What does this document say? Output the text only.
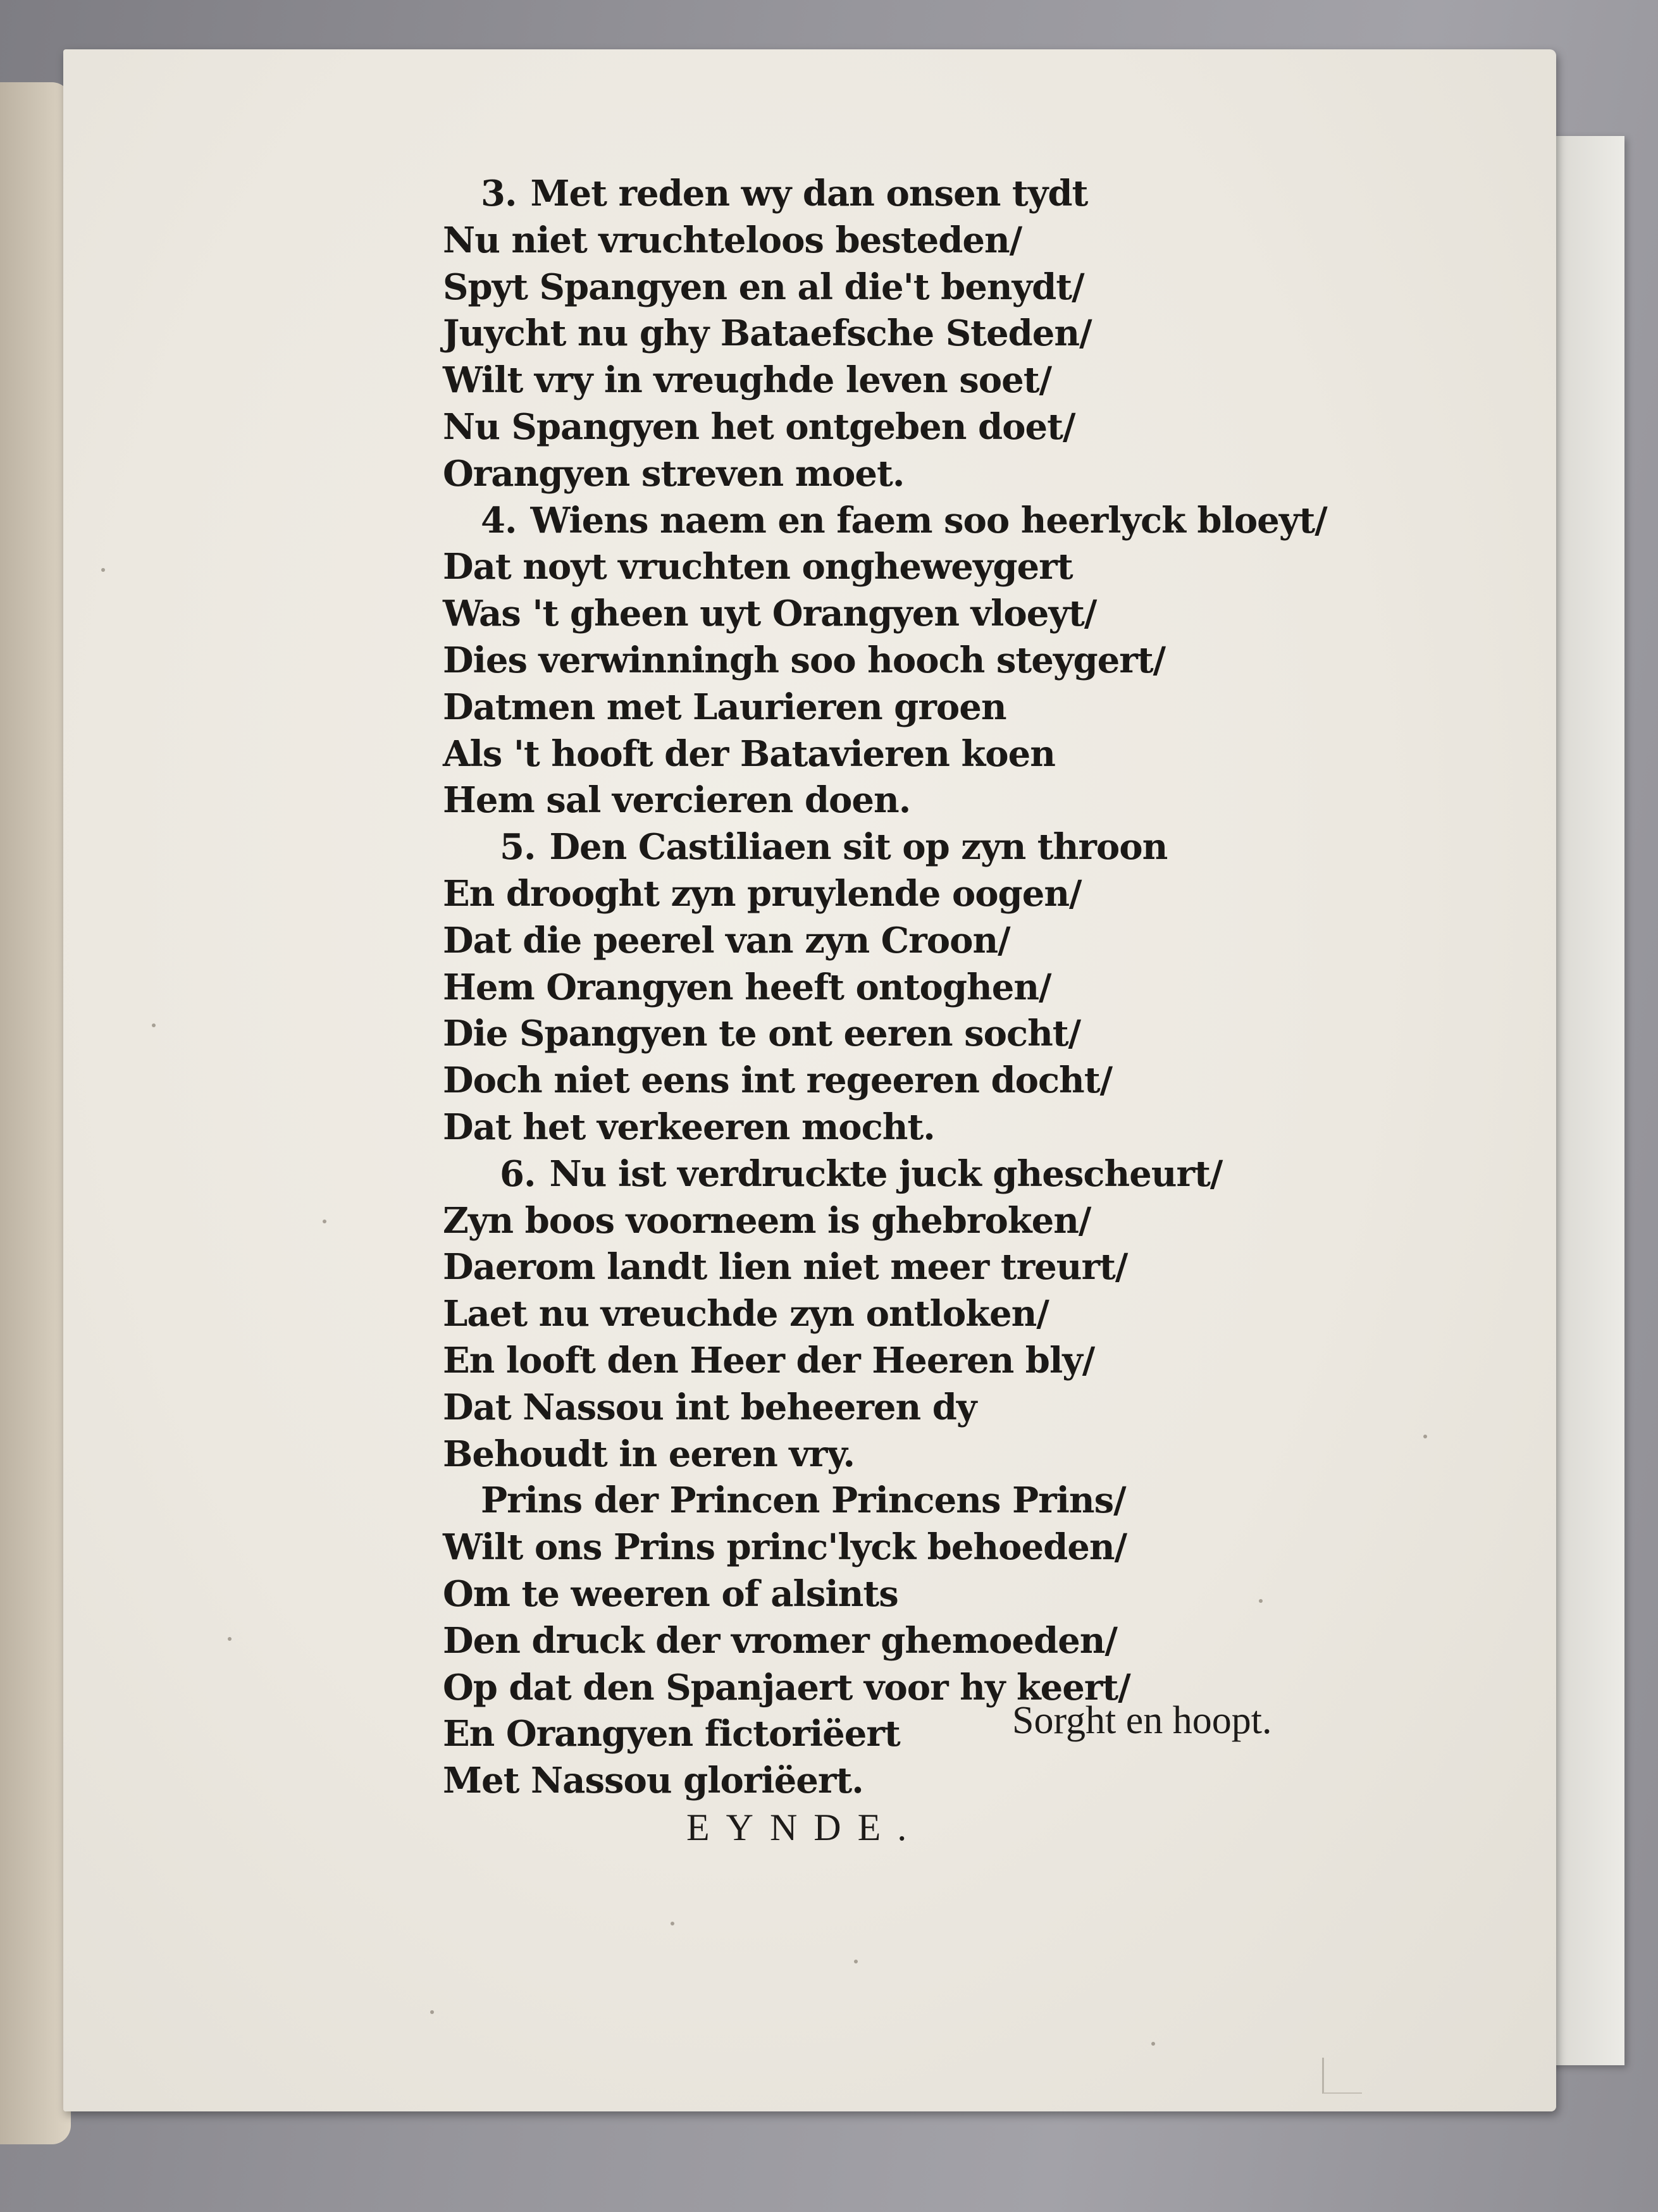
3. Met reden wy dan onsen tydt
Nu niet vruchteloos besteden/
Spyt Spangyen en al die't benydt/
Juycht nu ghy Bataefsche Steden/
Wilt vry in vreughde leven soet/
Nu Spangyen het ontgeben doet/
Orangyen streven moet.
4. Wiens naem en faem soo heerlyck bloeyt/
Dat noyt vruchten ongheweygert
Was 't gheen uyt Orangyen vloeyt/
Dies verwinningh soo hooch steygert/
Datmen met Laurieren groen
Als 't hooft der Batavieren koen
Hem sal vercieren doen.
5. Den Castiliaen sit op zyn throon
En drooght zyn pruylende oogen/
Dat die peerel van zyn Croon/
Hem Orangyen heeft ontoghen/
Die Spangyen te ont eeren socht/
Doch niet eens int regeeren docht/
Dat het verkeeren mocht.
6. Nu ist verdruckte juck ghescheurt/
Zyn boos voorneem is ghebroken/
Daerom landt lien niet meer treurt/
Laet nu vreuchde zyn ontloken/
En looft den Heer der Heeren bly/
Dat Nassou int beheeren dy
Behoudt in eeren vry.
Prins der Princen Princens Prins/
Wilt ons Prins princ'lyck behoeden/
Om te weeren of alsints
Den druck der vromer ghemoeden/
Op dat den Spanjaert voor hy keert/
En Orangyen fictoriëert
Met Nassou gloriëert.
Sorght en hoopt.
EYNDE.
